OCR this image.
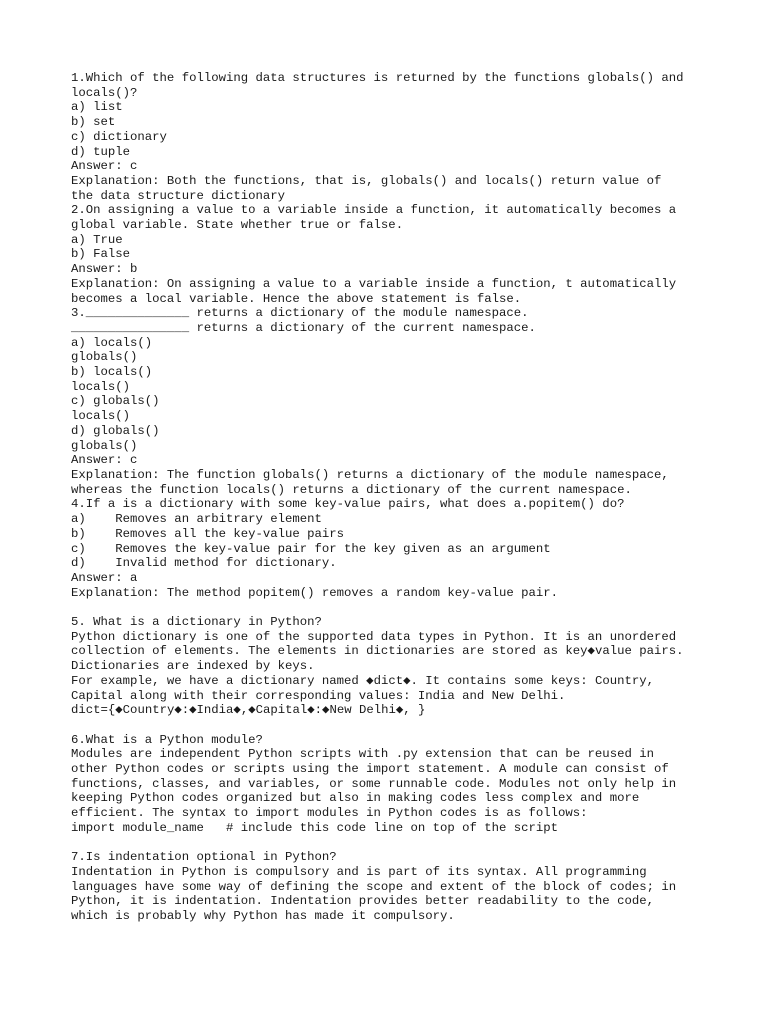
1.Which of the following data structures is returned by the functions globals() and
locals()?
a) list
b) set
c) dictionary
d) tuple
Answer: c
Explanation: Both the functions, that is, globals() and locals() return value of
the data structure dictionary
2.On assigning a value to a variable inside a function, it automatically becomes a
global variable. State whether true or false.
a) True
b) False
Answer: b
Explanation: On assigning a value to a variable inside a function, t automatically
becomes a local variable. Hence the above statement is false.
3.______________ returns a dictionary of the module namespace.
________________ returns a dictionary of the current namespace.
a) locals()
globals()
b) locals()
locals()
c) globals()
locals()
d) globals()
globals()
Answer: c
Explanation: The function globals() returns a dictionary of the module namespace,
whereas the function locals() returns a dictionary of the current namespace.
4.If a is a dictionary with some key-value pairs, what does a.popitem() do?
a)    Removes an arbitrary element
b)    Removes all the key-value pairs
c)    Removes the key-value pair for the key given as an argument
d)    Invalid method for dictionary.
Answer: a
Explanation: The method popitem() removes a random key-value pair.
5. What is a dictionary in Python?
Python dictionary is one of the supported data types in Python. It is an unordered
collection of elements. The elements in dictionaries are stored as key◆value pairs.
Dictionaries are indexed by keys.
For example, we have a dictionary named ◆dict◆. It contains some keys: Country,
Capital along with their corresponding values: India and New Delhi.
dict={◆Country◆:◆India◆,◆Capital◆:◆New Delhi◆, }
6.What is a Python module?
Modules are independent Python scripts with .py extension that can be reused in
other Python codes or scripts using the import statement. A module can consist of
functions, classes, and variables, or some runnable code. Modules not only help in
keeping Python codes organized but also in making codes less complex and more
efficient. The syntax to import modules in Python codes is as follows:
import module_name   # include this code line on top of the script
7.Is indentation optional in Python?
Indentation in Python is compulsory and is part of its syntax. All programming
languages have some way of defining the scope and extent of the block of codes; in
Python, it is indentation. Indentation provides better readability to the code,
which is probably why Python has made it compulsory.
